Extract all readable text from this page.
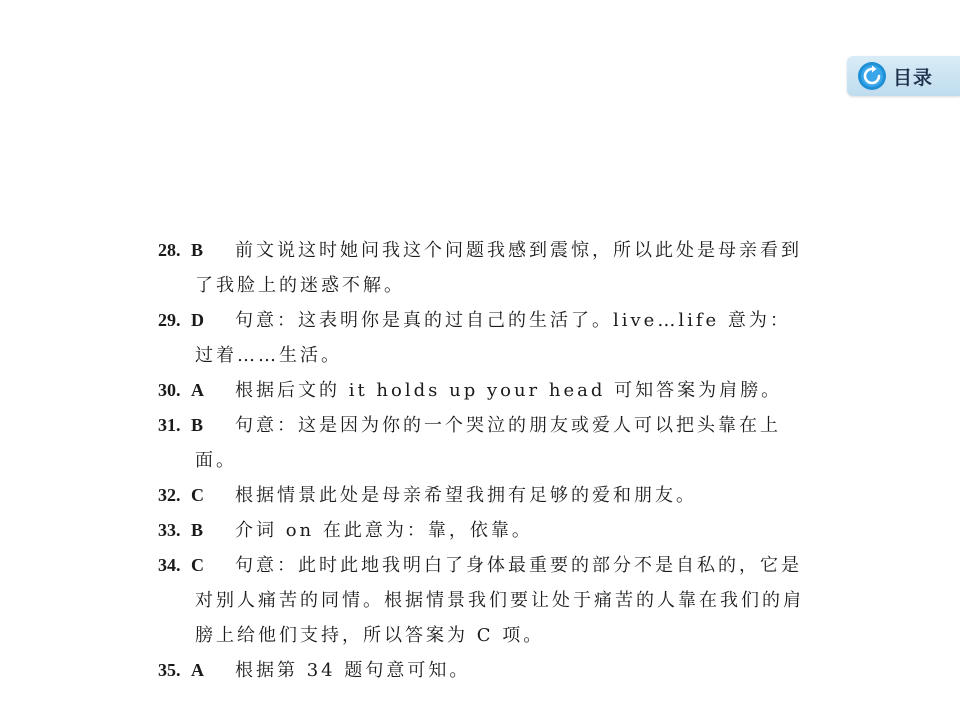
目录
28. B	前文说这时她问我这个问题我感到震惊，所以此处是母亲看到了我脸上的迷惑不解。
29. D	句意：这表明你是真的过自己的生活了。live…life 意为：过着……生活。
30. A	根据后文的 it holds up your head 可知答案为肩膀。
31. B	句意：这是因为你的一个哭泣的朋友或爱人可以把头靠在上面。
32. C	根据情景此处是母亲希望我拥有足够的爱和朋友。
33. B	介词 on 在此意为：靠，依靠。
34. C	句意：此时此地我明白了身体最重要的部分不是自私的，它是对别人痛苦的同情。根据情景我们要让处于痛苦的人靠在我们的肩膀上给他们支持，所以答案为 C 项。
35. A	根据第 34 题句意可知。
